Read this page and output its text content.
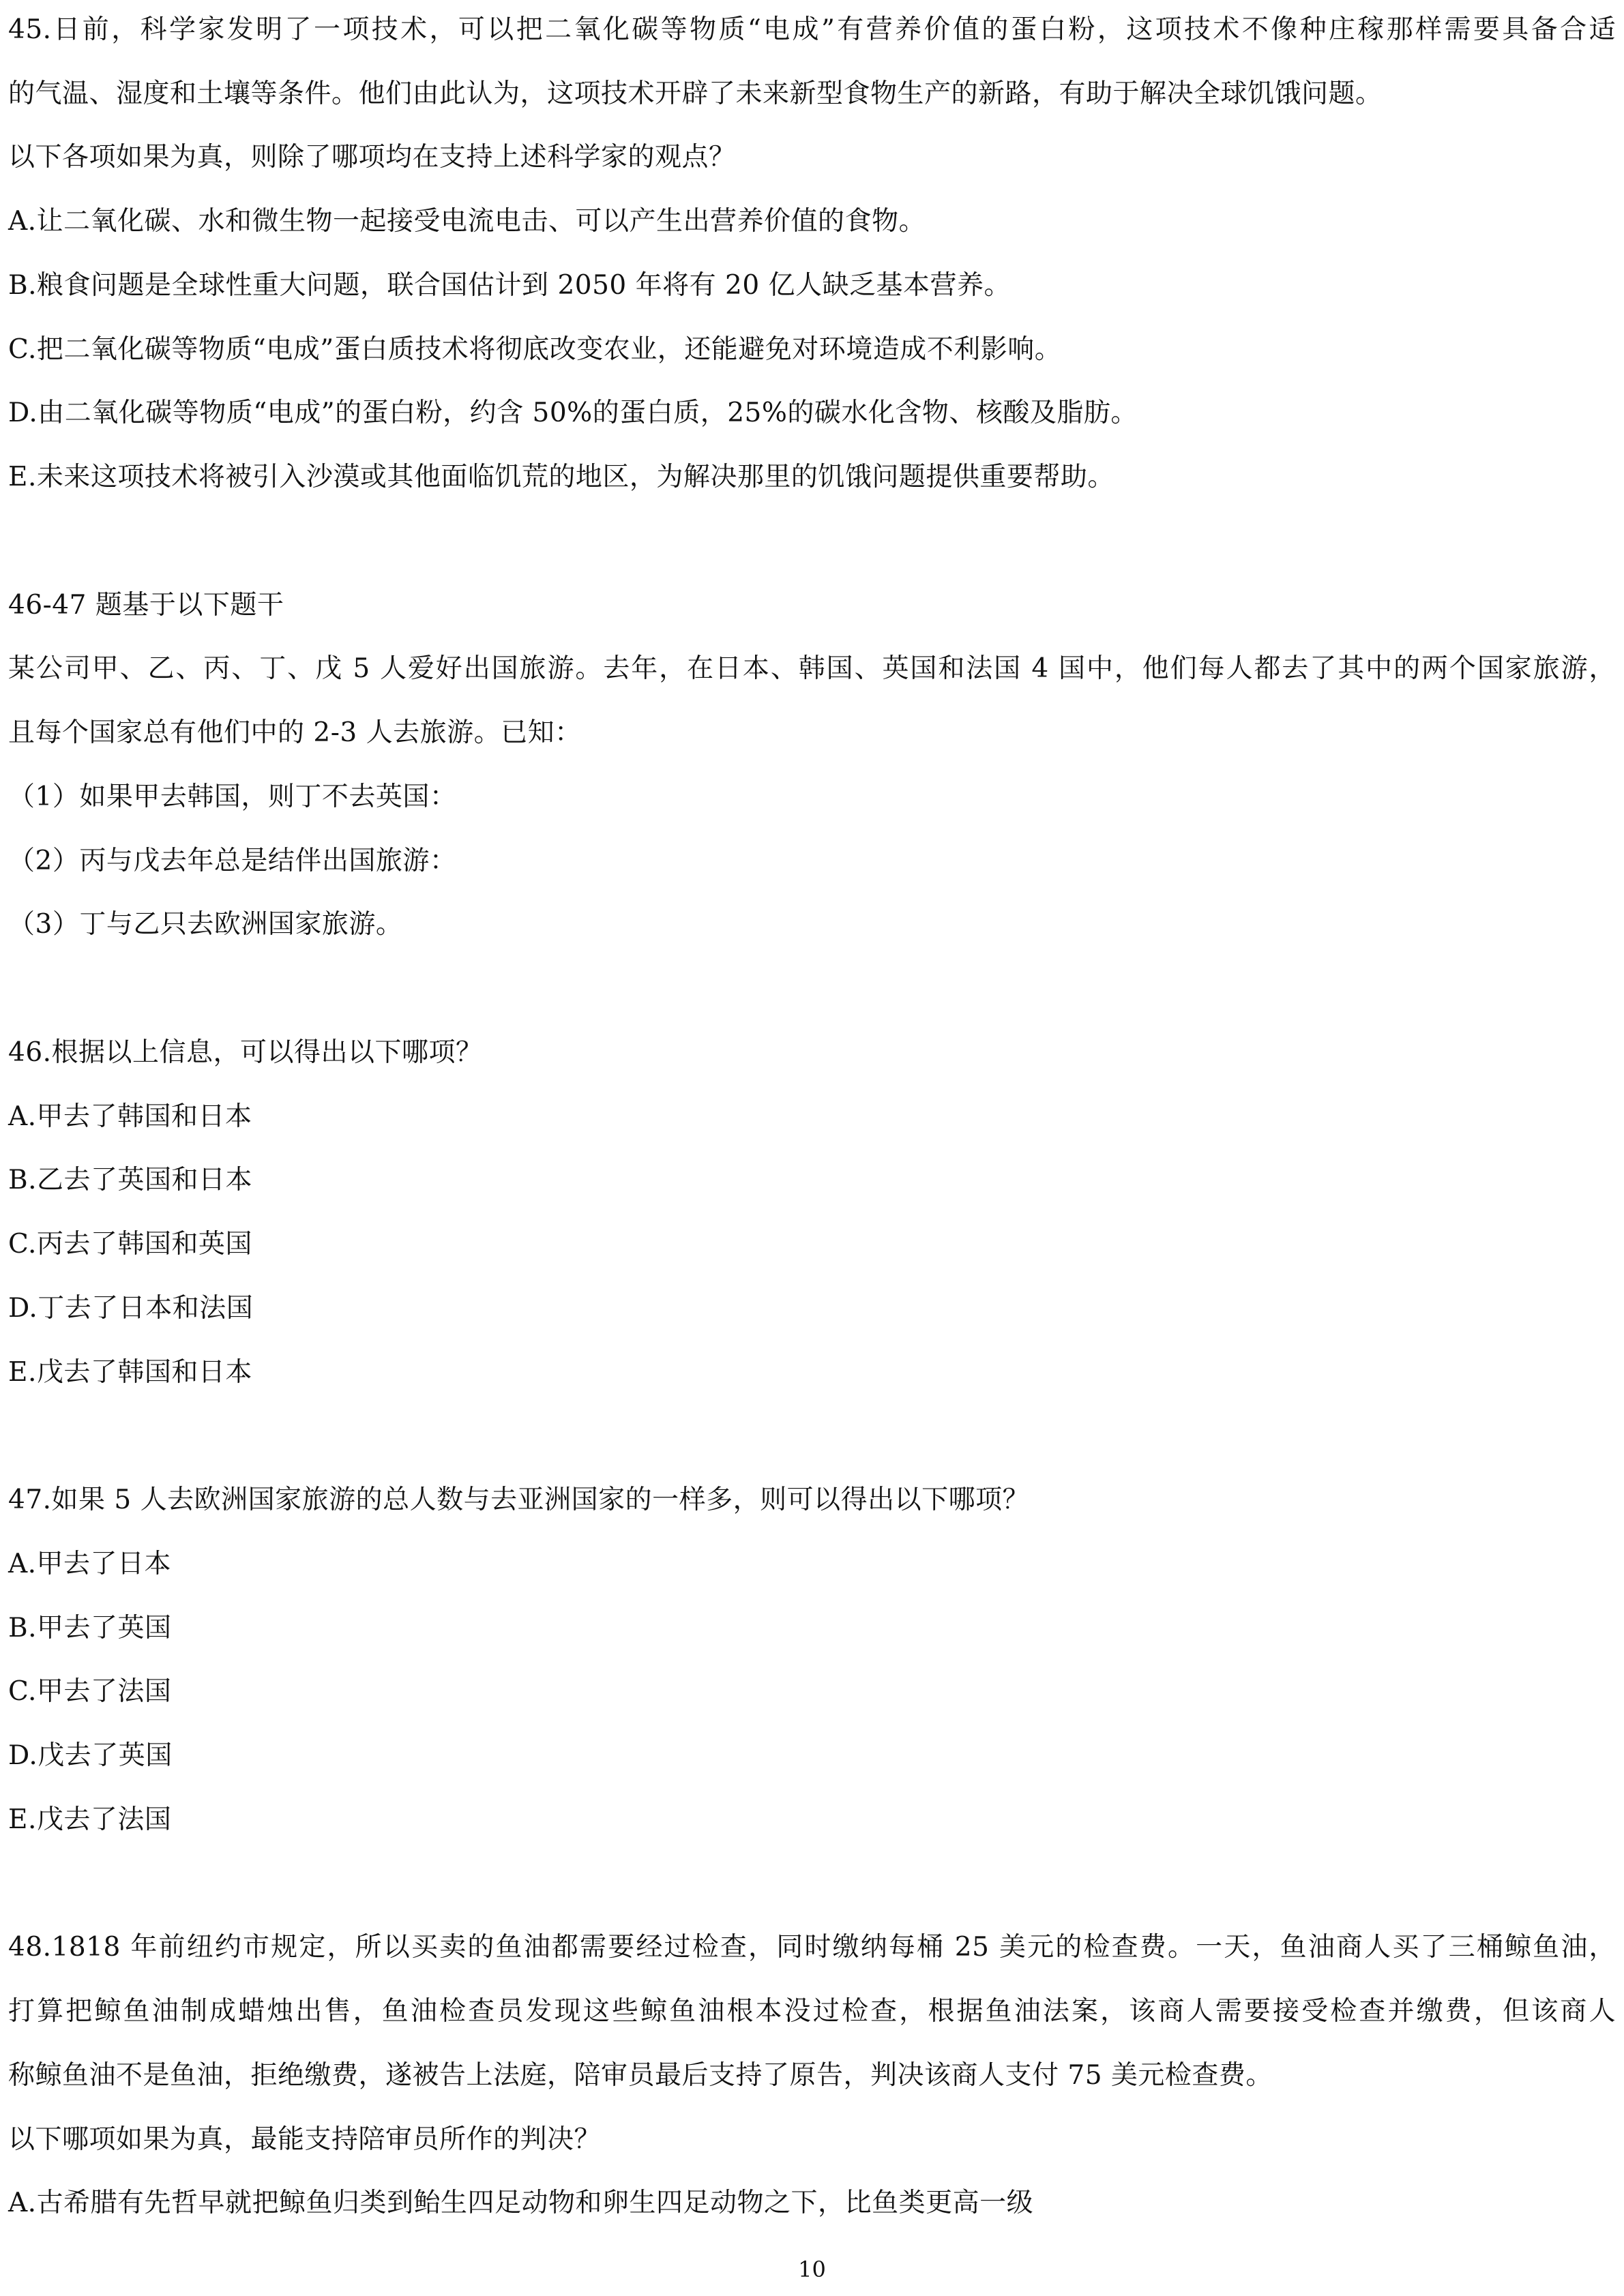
45.日前，科学家发明了一项技术，可以把二氧化碳等物质“电成”有营养价值的蛋白粉，这项技术不像种庄稼那样需要具备合适
的气温、湿度和土壤等条件。他们由此认为，这项技术开辟了未来新型食物生产的新路，有助于解决全球饥饿问题。
以下各项如果为真，则除了哪项均在支持上述科学家的观点？
A.让二氧化碳、水和微生物一起接受电流电击、可以产生出营养价值的食物。
B.粮食问题是全球性重大问题，联合国估计到 2050 年将有 20 亿人缺乏基本营养。
C.把二氧化碳等物质“电成”蛋白质技术将彻底改变农业，还能避免对环境造成不利影响。
D.由二氧化碳等物质“电成”的蛋白粉，约含 50%的蛋白质，25%的碳水化含物、核酸及脂肪。
E.未来这项技术将被引入沙漠或其他面临饥荒的地区，为解决那里的饥饿问题提供重要帮助。
46-47 题基于以下题干
某公司甲、乙、丙、丁、戊 5 人爱好出国旅游。去年，在日本、韩国、英国和法国 4 国中，他们每人都去了其中的两个国家旅游，
且每个国家总有他们中的 2-3 人去旅游。已知：
（1）如果甲去韩国，则丁不去英国：
（2）丙与戊去年总是结伴出国旅游：
（3）丁与乙只去欧洲国家旅游。
46.根据以上信息，可以得出以下哪项？
A.甲去了韩国和日本
B.乙去了英国和日本
C.丙去了韩国和英国
D.丁去了日本和法国
E.戊去了韩国和日本
47.如果 5 人去欧洲国家旅游的总人数与去亚洲国家的一样多，则可以得出以下哪项？
A.甲去了日本
B.甲去了英国
C.甲去了法国
D.戊去了英国
E.戊去了法国
48.1818 年前纽约市规定，所以买卖的鱼油都需要经过检查，同时缴纳每桶 25 美元的检查费。一天，鱼油商人买了三桶鲸鱼油，
打算把鲸鱼油制成蜡烛出售，鱼油检查员发现这些鲸鱼油根本没过检查，根据鱼油法案，该商人需要接受检查并缴费，但该商人
称鲸鱼油不是鱼油，拒绝缴费，遂被告上法庭，陪审员最后支持了原告，判决该商人支付 75 美元检查费。
以下哪项如果为真，最能支持陪审员所作的判决？
A.古希腊有先哲早就把鲸鱼归类到鲐生四足动物和卵生四足动物之下，比鱼类更高一级
10
